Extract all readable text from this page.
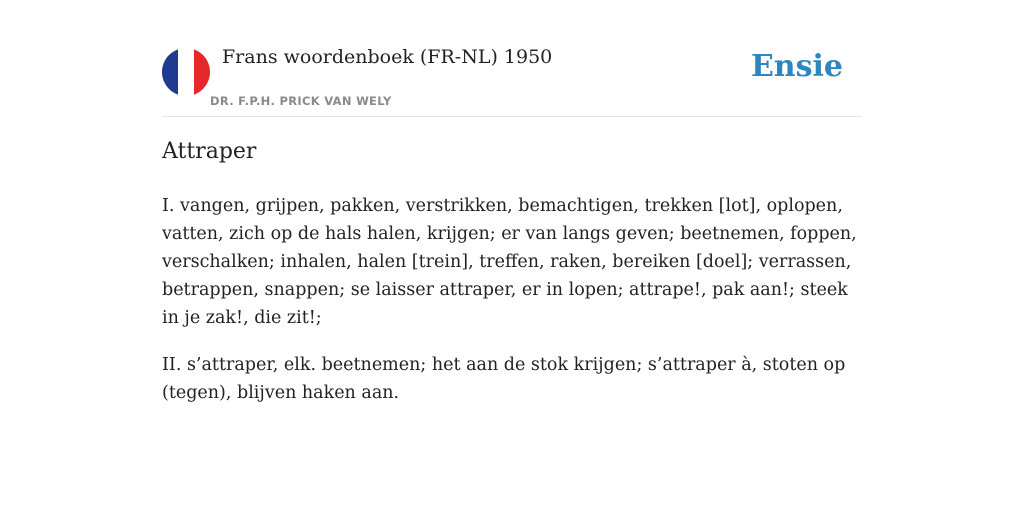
Frans woordenboek (FR-NL) 1950
DR. F.P.H. PRICK VAN WELY
Ensie
Attraper

I. vangen, grijpen, pakken, verstrikken, bemachtigen, trekken [lot], oplopen, vatten, zich op de hals halen, krijgen; er van langs geven; beetnemen, foppen, verschalken; inhalen, halen [trein], treffen, raken, bereiken [doel]; verrassen, betrappen, snappen; se laisser attraper, er in lopen; attrape!, pak aan!; steek in je zak!, die zit!;

II. s’attraper, elk. beetnemen; het aan de stok krijgen; s’attraper à, stoten op (tegen), blijven haken aan.
